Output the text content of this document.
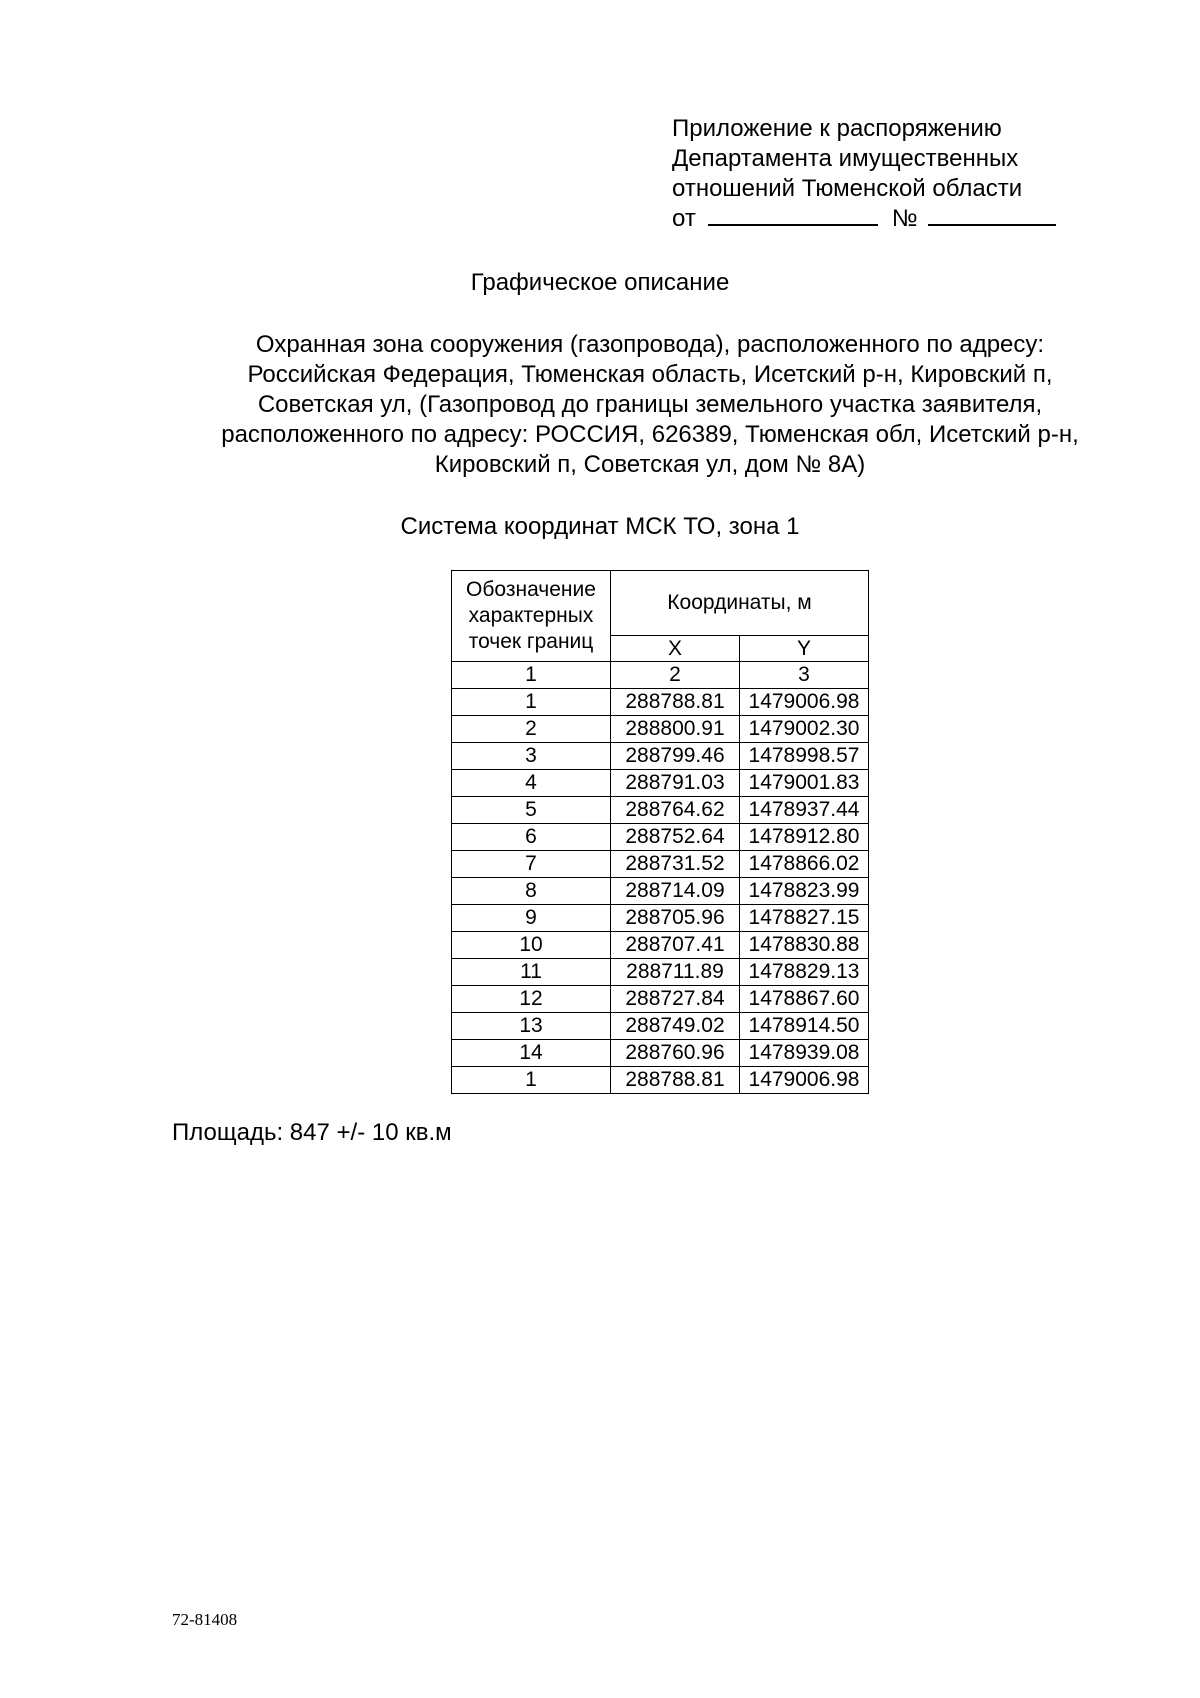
Приложение к распоряжению
Департамента имущественных
отношений Тюменской области
от	№
Графическое описание
Охранная зона сооружения (газопровода), расположенного по адресу:
Российская Федерация, Тюменская область, Исетский р-н, Кировский п,
Советская ул, (Газопровод до границы земельного участка заявителя,
расположенного по адресу: РОССИЯ, 626389, Тюменская обл, Исетский р-н,
Кировский п, Советская ул, дом № 8А)
Система координат МСК ТО, зона 1
Обозначение
характерных
точек границ	Координаты, м	
	X	Y
1	2	3
1	288788.81	1479006.98
2	288800.91	1479002.30
3	288799.46	1478998.57
4	288791.03	1479001.83
5	288764.62	1478937.44
6	288752.64	1478912.80
7	288731.52	1478866.02
8	288714.09	1478823.99
9	288705.96	1478827.15
10	288707.41	1478830.88
11	288711.89	1478829.13
12	288727.84	1478867.60
13	288749.02	1478914.50
14	288760.96	1478939.08
1	288788.81	1479006.98
Площадь: 847 +/- 10 кв.м
72-81408
